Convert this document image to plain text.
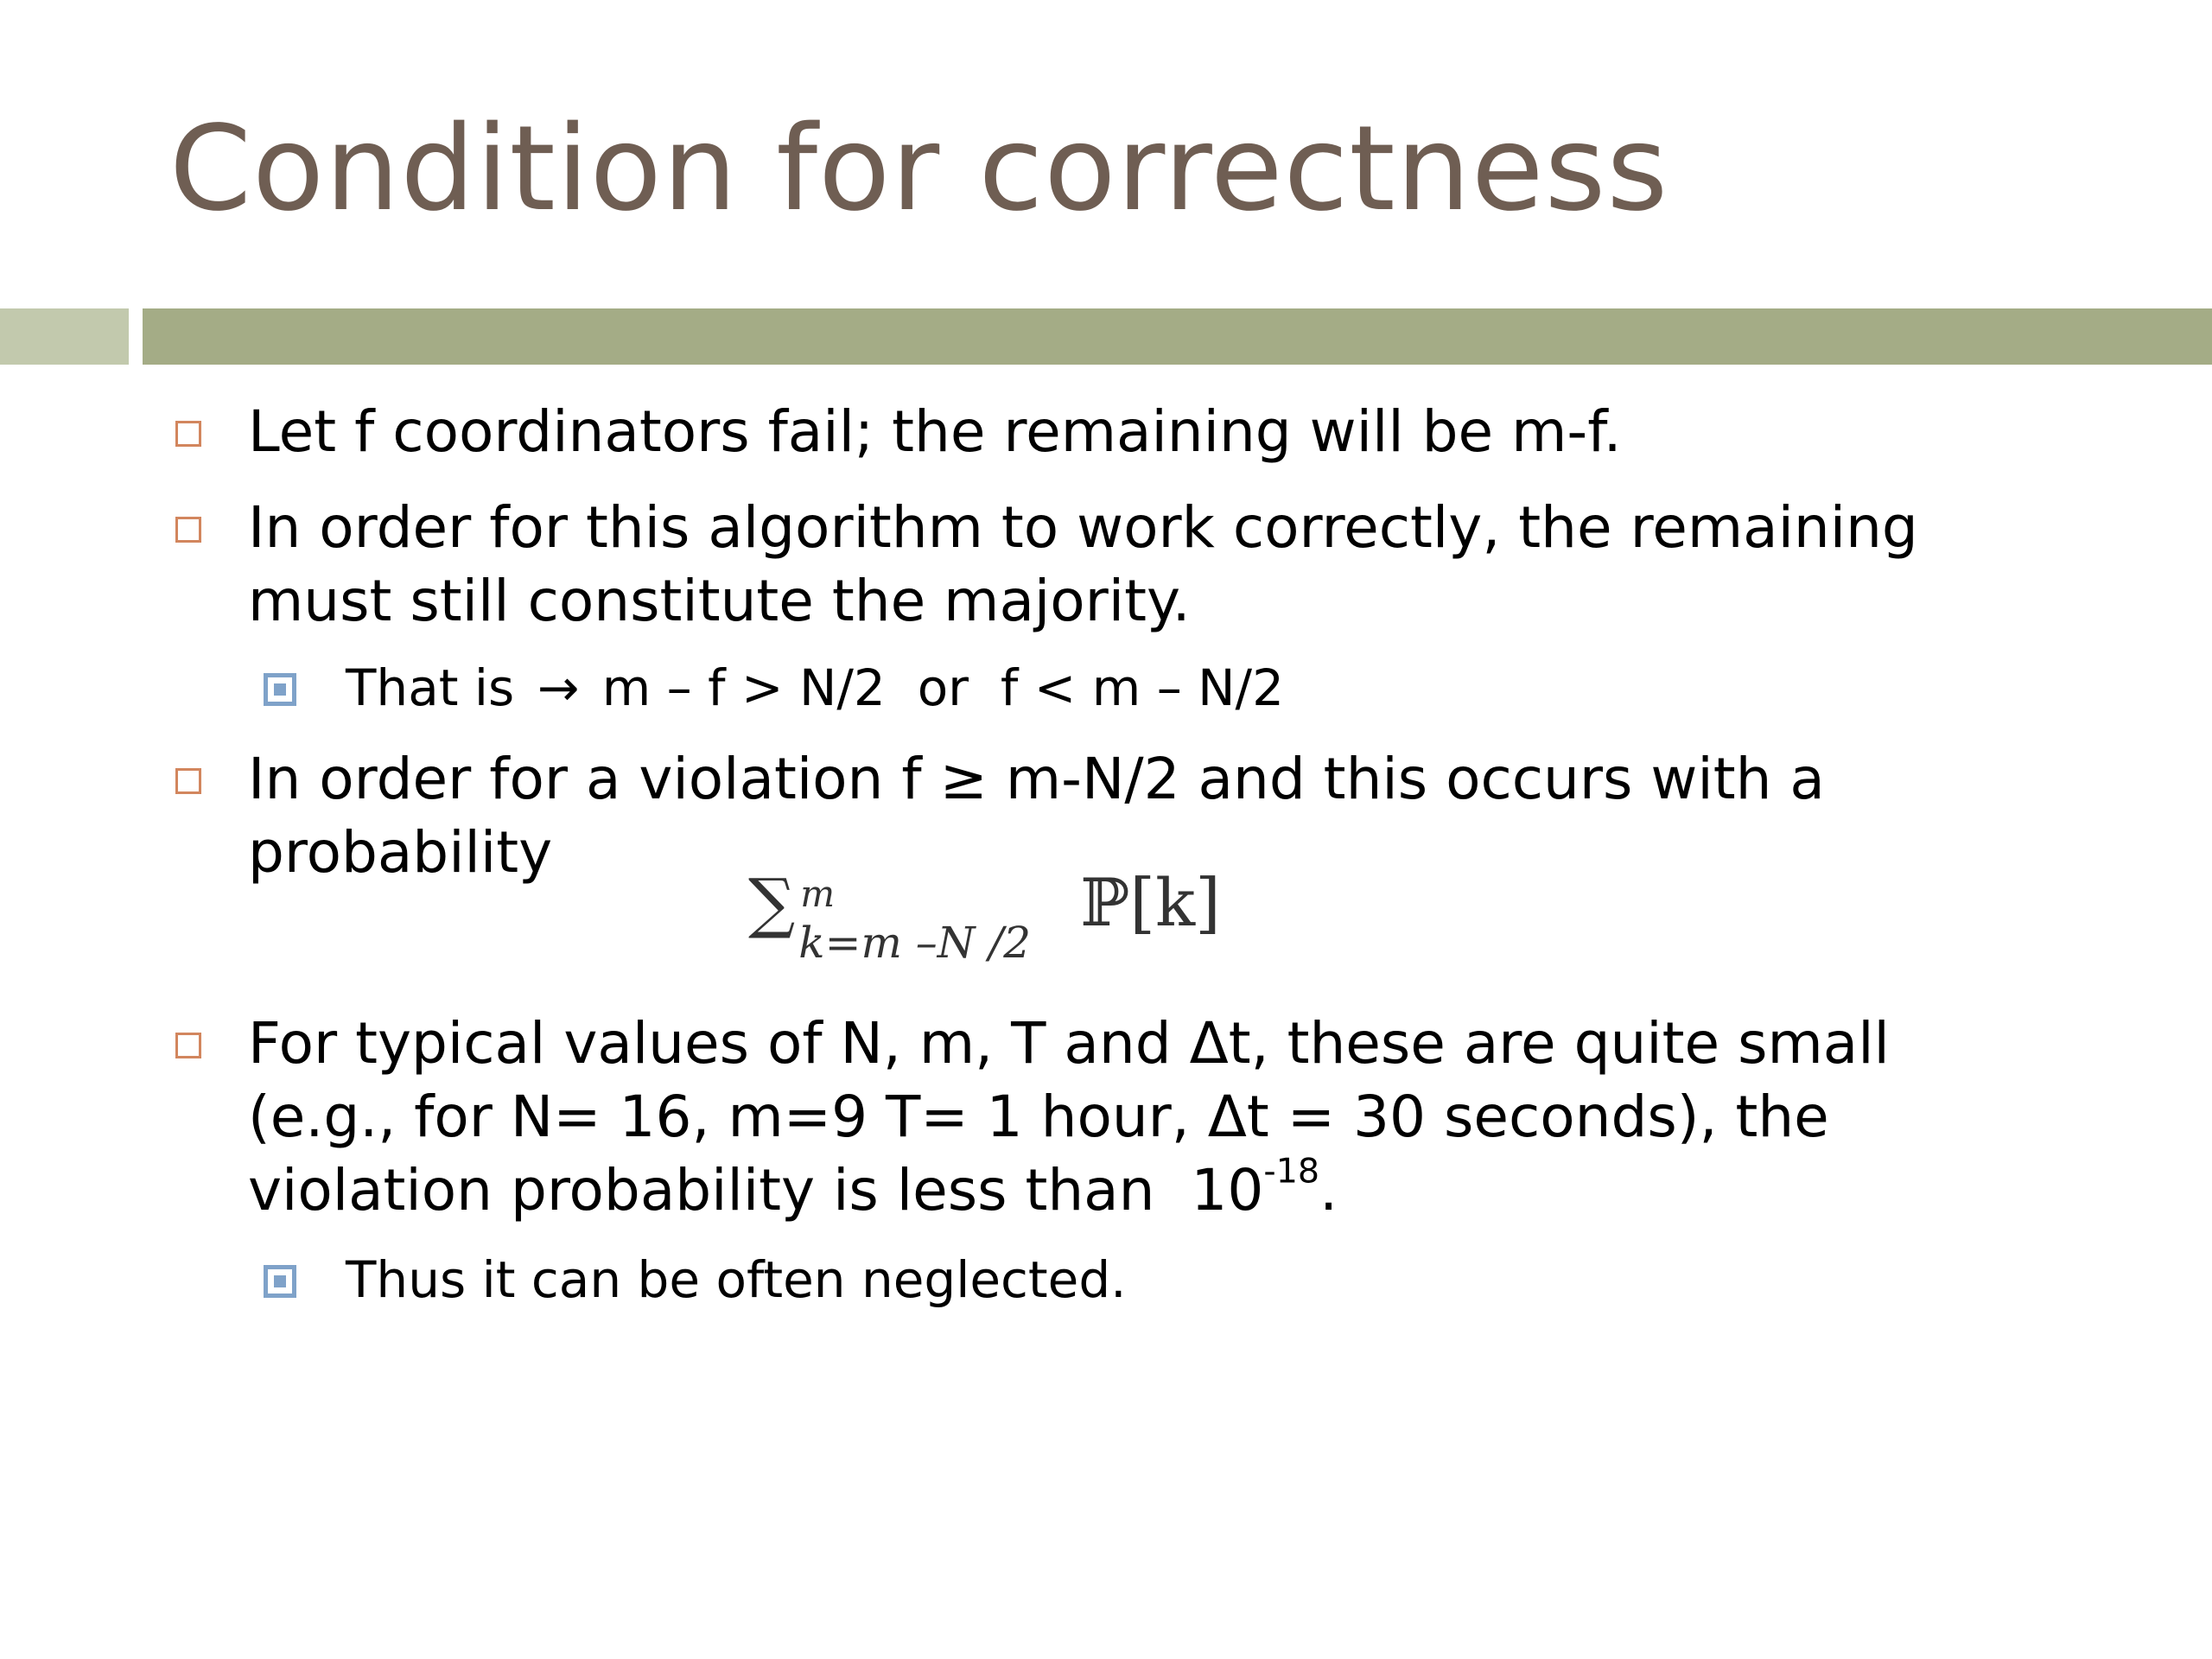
Condition for correctness
Let f coordinators fail; the remaining will be m-f.
In order for this algorithm to work correctly, the remaining
must still constitute the majority.
That is → m – f > N/2  or  f < m – N/2
In order for a violation f ≥ m-N/2 and this occurs with a
probability
∑ m
k=m –N /2
ℙ[k]
For typical values of N, m, T and Δt, these are quite small
(e.g., for N= 16, m=9 T= 1 hour, Δt = 30 seconds), the
violation probability is less than  $10^{-18}$.
Thus it can be often neglected.
